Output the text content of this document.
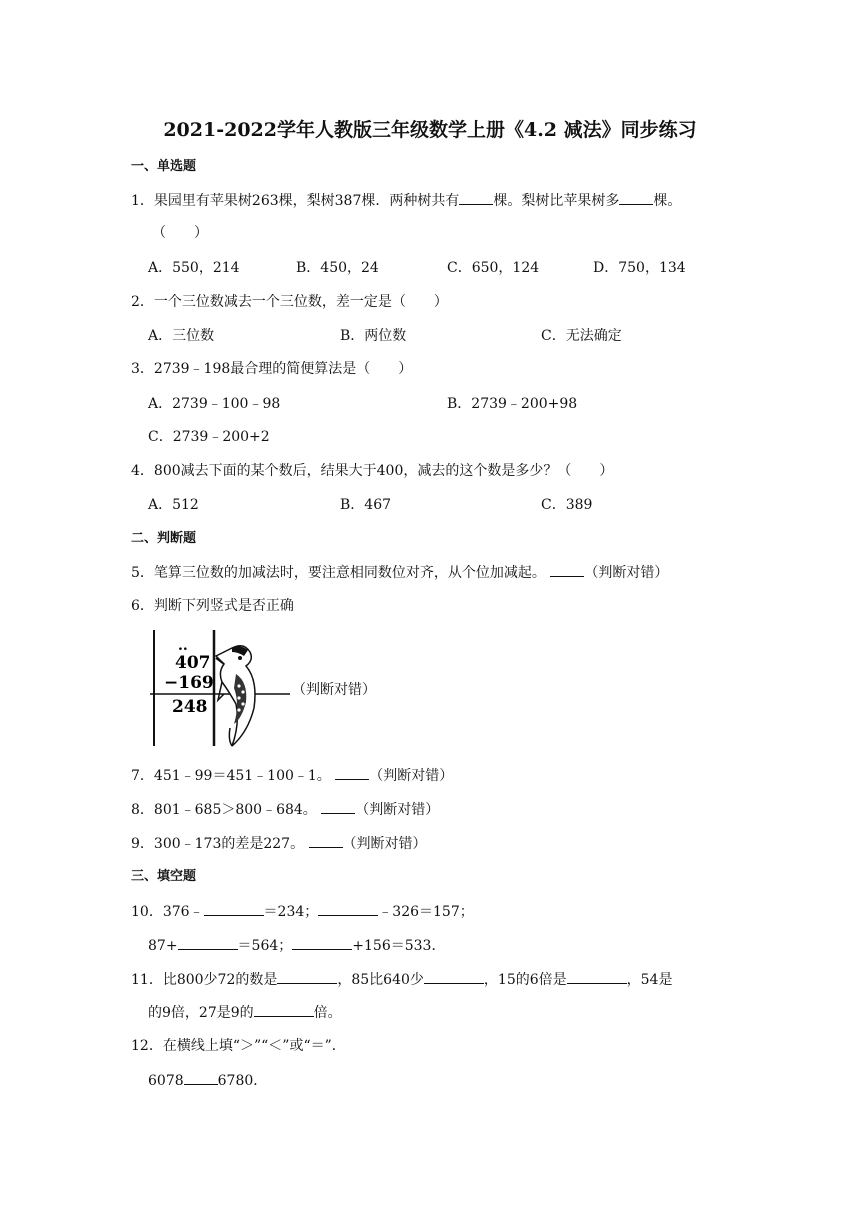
2021-2022学年人教版三年级数学上册《4.2 减法》同步练习
一、单选题
1．果园里有苹果树263棵，梨树387棵．两种树共有 棵。梨树比苹果树多 棵。
（　　）
A．550，214	B．450，24	C．650，124	D．750，134
2．一个三位数减去一个三位数，差一定是（　　）
A．三位数	B．两位数	C．无法确定
3．2739﹣198最合理的简便算法是（　　）
A．2739﹣100﹣98	B．2739﹣200+98
C．2739﹣200+2
4．800减去下面的某个数后，结果大于400，减去的这个数是多少？（　　）
A．512	B．467	C．389
二、判断题
5．笔算三位数的加减法时，要注意相同数位对齐，从个位加减起。	（判断对错）
6．判断下列竖式是否正确
..
407
−169
248
（判断对错）
7．451﹣99＝451﹣100﹣1。	（判断对错）
8．801﹣685＞800﹣684。	（判断对错）
9．300﹣173的差是227。	（判断对错）
三、填空题
10．376﹣	＝234；	﹣326＝157；
87+	＝564；	+156＝533．
11．比800少72的数是	，85比640少	，15的6倍是	，54是
的9倍，27是9的	倍。
12．在横线上填“＞”“＜”或“＝”．
6078 6780．
